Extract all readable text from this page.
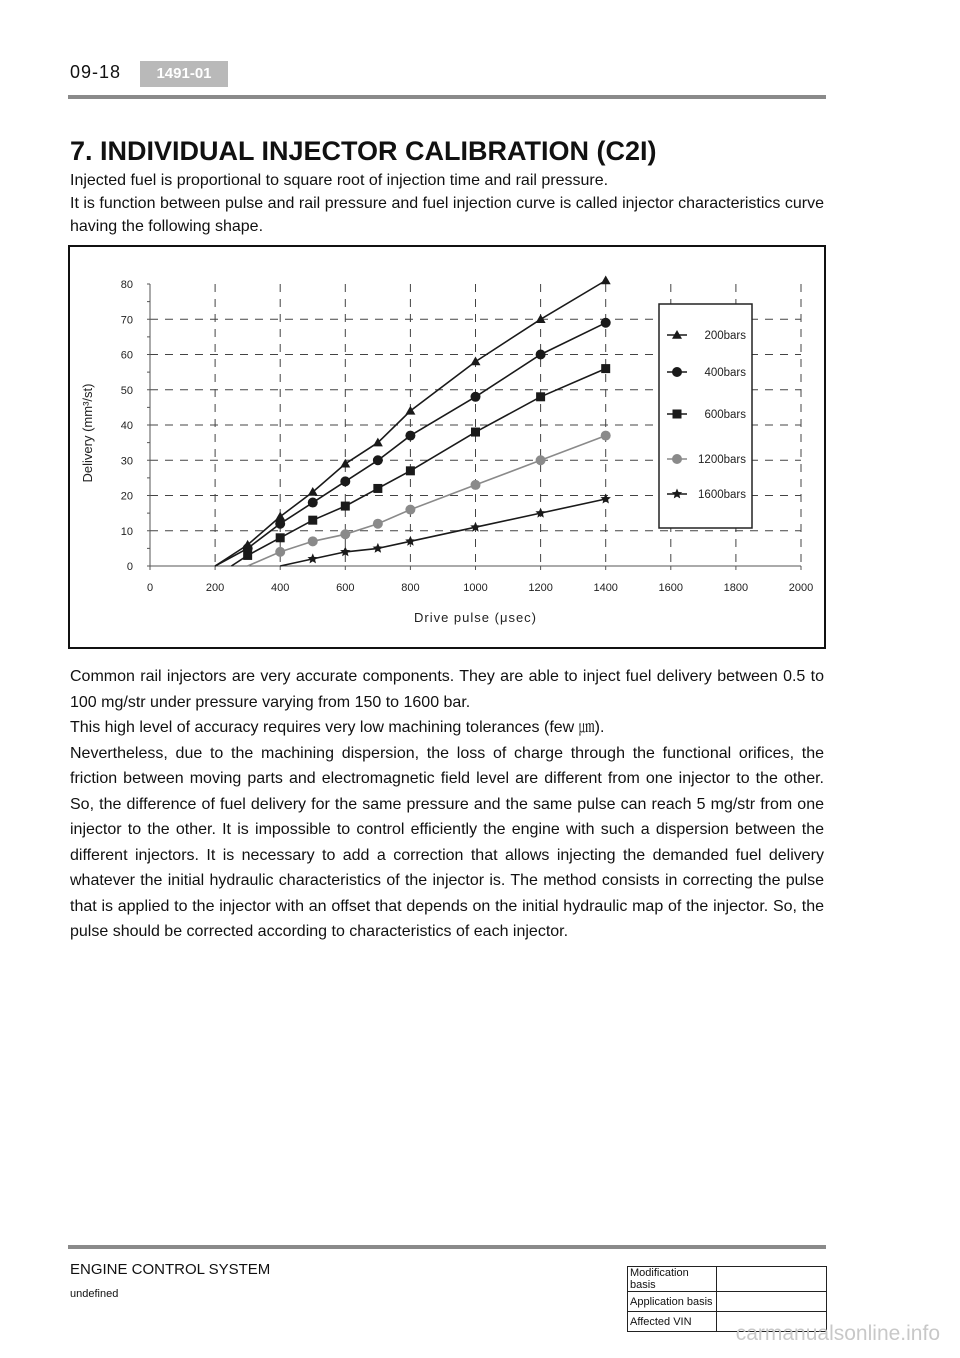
09-18	1491-01
7. INDIVIDUAL INJECTOR CALIBRATION (C2I)

Injected fuel is proportional to square root of injection time and rail pressure.

It is function between pulse and rail pressure and fuel injection curve is called injector characteristics curve having the following shape.

0
10
20
30
40
50
60
70
80
0	200	400	600	800	1000	1200	1400	1600	1800	2000
Drive pulse (μsec)
Delivery (mm³/st)
200bars
400bars
600bars
1200bars
1600bars

Common rail injectors are very accurate components. They are able to inject fuel delivery between 0.5 to 100 mg/str under pressure varying from 150 to 1600 bar.

This high level of accuracy requires very low machining tolerances (few ㎛).

Nevertheless, due to the machining dispersion, the loss of charge through the functional orifices, the friction between moving parts and electromagnetic field level are different from one injector to the other. So, the difference of fuel delivery for the same pressure and the same pulse can reach 5 mg/str from one injector to the other. It is impossible to control efficiently the engine with such a dispersion between the different injectors. It is necessary to add a correction that allows injecting the demanded fuel delivery whatever the initial hydraulic characteristics of the injector is. The method consists in correcting the pulse that is applied to the injector with an offset that depends on the initial hydraulic map of the injector. So, the pulse should be corrected according to characteristics of each injector.

ENGINE CONTROL SYSTEM
undefined
Modification basis	
Application basis	
Affected VIN	
carmanualsonline.info
